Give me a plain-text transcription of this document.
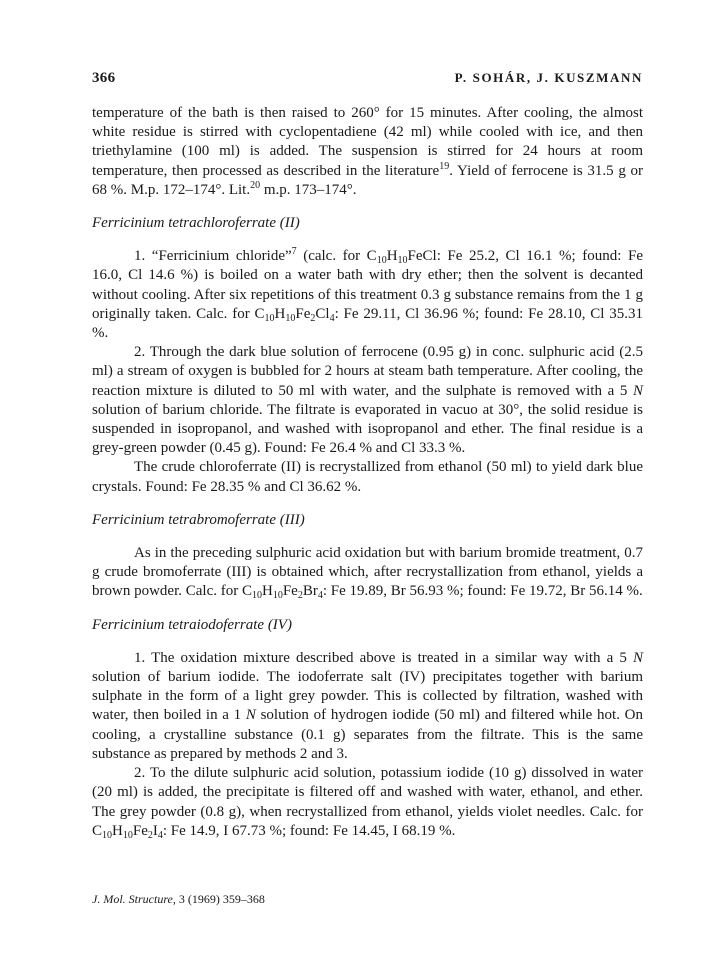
366	P. SOHÁR, J. KUSZMANN

temperature of the bath is then raised to 260° for 15 minutes. After cooling, the almost white residue is stirred with cyclopentadiene (42 ml) while cooled with ice, and then triethylamine (100 ml) is added. The suspension is stirred for 24 hours at room temperature, then processed as described in the literature$^{19}$. Yield of ferrocene is 31.5 g or 68 %. M.p. 172–174°. Lit.$^{20}$ m.p. 173–174°.

Ferricinium tetrachloroferrate (II)

1. “Ferricinium chloride”$^7$ (calc. for $C_{10}H_{10}FeCl$: Fe 25.2, Cl 16.1 %; found: Fe 16.0, Cl 14.6 %) is boiled on a water bath with dry ether; then the solvent is decanted without cooling. After six repetitions of this treatment 0.3 g substance remains from the 1 g originally taken. Calc. for $C_{10}H_{10}Fe_2Cl_4$: Fe 29.11, Cl 36.96 %; found: Fe 28.10, Cl 35.31 %.

2. Through the dark blue solution of ferrocene (0.95 g) in conc. sulphuric acid (2.5 ml) a stream of oxygen is bubbled for 2 hours at steam bath temperature. After cooling, the reaction mixture is diluted to 50 ml with water, and the sulphate is removed with a 5 N solution of barium chloride. The filtrate is evaporated in vacuo at 30°, the solid residue is suspended in isopropanol, and washed with isopropanol and ether. The final residue is a grey-green powder (0.45 g). Found: Fe 26.4 % and Cl 33.3 %.

The crude chloroferrate (II) is recrystallized from ethanol (50 ml) to yield dark blue crystals. Found: Fe 28.35 % and Cl 36.62 %.

Ferricinium tetrabromoferrate (III)

As in the preceding sulphuric acid oxidation but with barium bromide treatment, 0.7 g crude bromoferrate (III) is obtained which, after recrystallization from ethanol, yields a brown powder. Calc. for $C_{10}H_{10}Fe_2Br_4$: Fe 19.89, Br 56.93 %; found: Fe 19.72, Br 56.14 %.

Ferricinium tetraiodoferrate (IV)

1. The oxidation mixture described above is treated in a similar way with a 5 N solution of barium iodide. The iodoferrate salt (IV) precipitates together with barium sulphate in the form of a light grey powder. This is collected by filtration, washed with water, then boiled in a 1 N solution of hydrogen iodide (50 ml) and filtered while hot. On cooling, a crystalline substance (0.1 g) separates from the filtrate. This is the same substance as prepared by methods 2 and 3.

2. To the dilute sulphuric acid solution, potassium iodide (10 g) dissolved in water (20 ml) is added, the precipitate is filtered off and washed with water, ethanol, and ether. The grey powder (0.8 g), when recrystallized from ethanol, yields violet needles. Calc. for $C_{10}H_{10}Fe_2I_4$: Fe 14.9, I 67.73 %; found: Fe 14.45, I 68.19 %.

J. Mol. Structure, 3 (1969) 359–368
